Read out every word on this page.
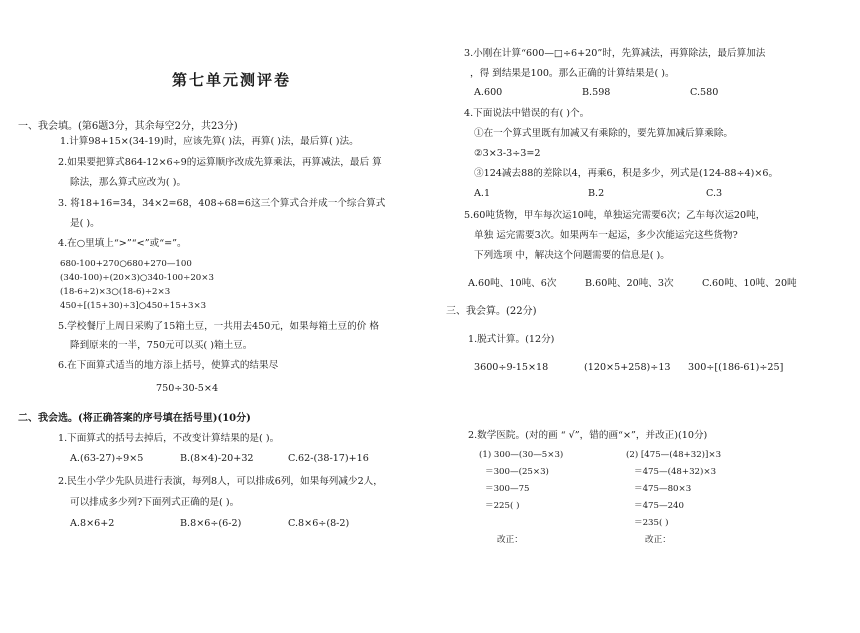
第七单元测评卷
一、我会填。(第6题3分，其余每空2分，共23分)
1.计算98+15×(34-19)时，应该先算( )法，再算( )法，最后算( )法。
2.如果要把算式864-12×6÷9的运算顺序改成先算乘法，再算减法，最后 算
除法，那么算式应改为( )。
3. 将18+16=34，34×2=68，408÷68=6这三个算式合并成一个综合算式
是( )。
4.在○里填上“>”“<”或“=”。
680-100+270○680+270—100
(340-100)÷(20×3)○340-100÷20×3
(18-6÷2)×3○(18-6)÷2×3
450÷[(15+30)÷3]○450÷15+3×3
5.学校餐厅上周日采购了15箱土豆，一共用去450元，如果每箱土豆的价 格
降到原来的一半，750元可以买( )箱土豆。
6.在下面算式适当的地方添上括号，使算式的结果尽
750÷30-5×4
二、我会选。(将正确答案的序号填在括号里)(10分)
1.下面算式的括号去掉后，不改变计算结果的是( )。
A.(63-27)÷9×5	B.(8×4)-20+32	C.62-(38-17)+16
2.民生小学少先队员进行表演，每列8人，可以排成6列，如果每列减少2人，
可以排成多少列?下面列式正确的是( )。
A.8×6+2	B.8×6÷(6-2)	C.8×6÷(8-2)
3.小刚在计算“600—□÷6+20”时，先算减法，再算除法，最后算加法
，得 到结果是100。那么正确的计算结果是( )。
A.600	B.598	C.580
4.下面说法中错误的有( )个。
①在一个算式里既有加减又有乘除的，要先算加减后算乘除。
②3×3-3÷3=2
③124减去88的差除以4，再乘6，积是多少，列式是(124-88÷4)×6。
A.1	B.2	C.3
5.60吨货物，甲车每次运10吨，单独运完需要6次；乙车每次运20吨，
单独 运完需要3次。如果两车一起运，多少次能运完这些货物?
下列选项 中，解决这个问题需要的信息是( )。
A.60吨、10吨、6次	B.60吨、20吨、3次	C.60吨、10吨、20吨
三、我会算。(22分)
1.脱式计算。(12分)
3600÷9-15×18	(120×5+258)÷13 300÷[(186-61)÷25]
2.数学医院。(对的画 “ √”，错的画“×”，并改正)(10分)
(1) 300—(30—5×3)
＝300—(25×3)
＝300—75
＝225( )
改正：
(2) [475—(48+32)]×3
＝475—(48+32)×3
＝475—80×3
＝475—240
＝235( )
改正：
